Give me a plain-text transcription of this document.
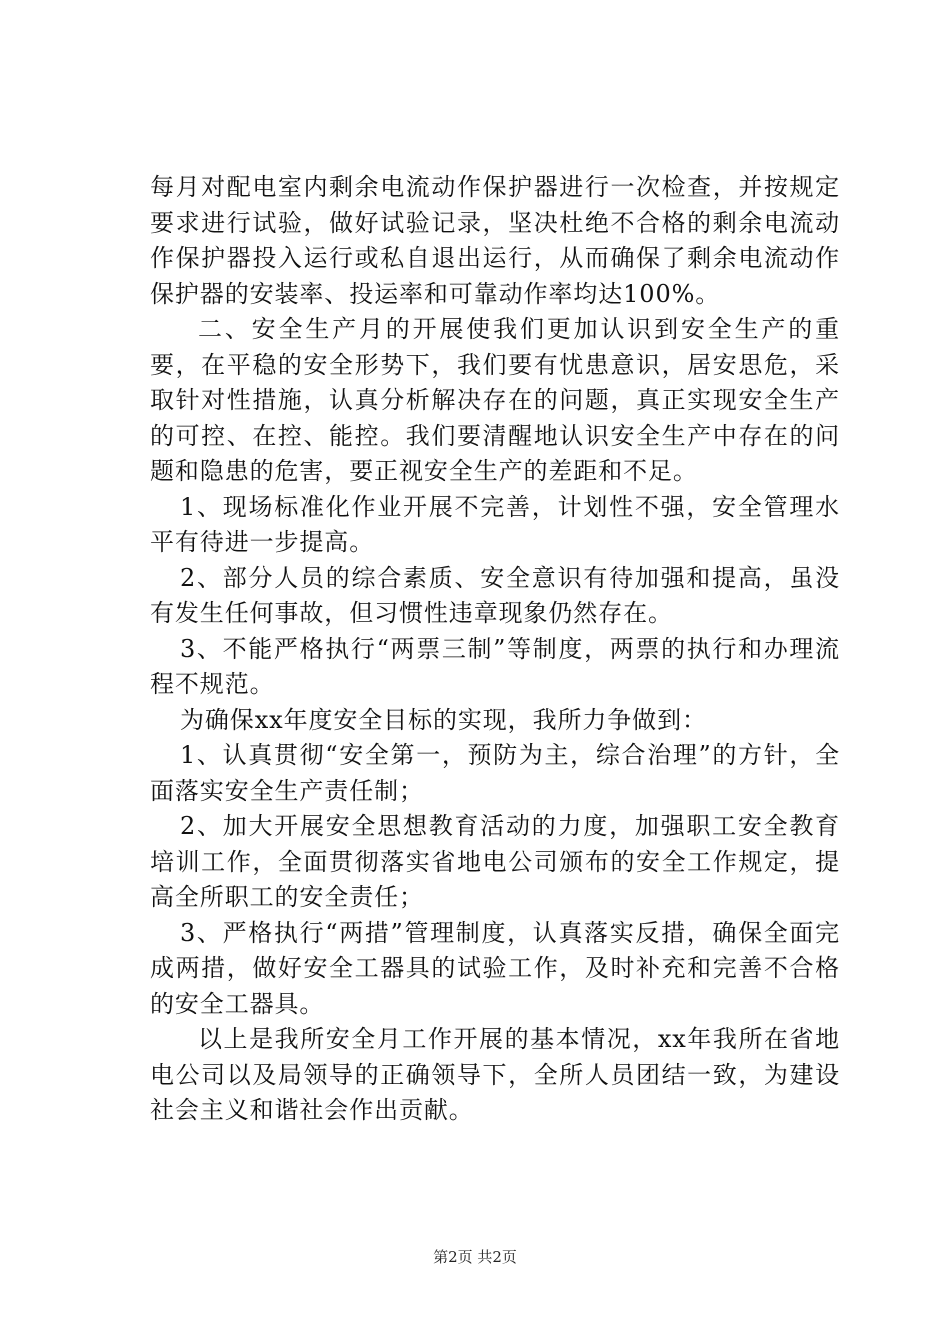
每月对配电室内剩余电流动作保护器进行一次检查，并按规定要求进行试验，做好试验记录，坚决杜绝不合格的剩余电流动作保护器投入运行或私自退出运行，从而确保了剩余电流动作保护器的安装率、投运率和可靠动作率均达100%。

二、安全生产月的开展使我们更加认识到安全生产的重要，在平稳的安全形势下，我们要有忧患意识，居安思危，采取针对性措施，认真分析解决存在的问题，真正实现安全生产的可控、在控、能控。我们要清醒地认识安全生产中存在的问题和隐患的危害，要正视安全生产的差距和不足。

1、现场标准化作业开展不完善，计划性不强，安全管理水平有待进一步提高。

2、部分人员的综合素质、安全意识有待加强和提高，虽没有发生任何事故，但习惯性违章现象仍然存在。

3、不能严格执行“两票三制”等制度，两票的执行和办理流程不规范。

为确保xx年度安全目标的实现，我所力争做到：

1、认真贯彻“安全第一，预防为主，综合治理”的方针，全面落实安全生产责任制；

2、加大开展安全思想教育活动的力度，加强职工安全教育培训工作，全面贯彻落实省地电公司颁布的安全工作规定，提高全所职工的安全责任；

3、严格执行“两措”管理制度，认真落实反措，确保全面完成两措，做好安全工器具的试验工作，及时补充和完善不合格的安全工器具。

以上是我所安全月工作开展的基本情况，xx年我所在省地电公司以及局领导的正确领导下，全所人员团结一致，为建设社会主义和谐社会作出贡献。

第2页 共2页
